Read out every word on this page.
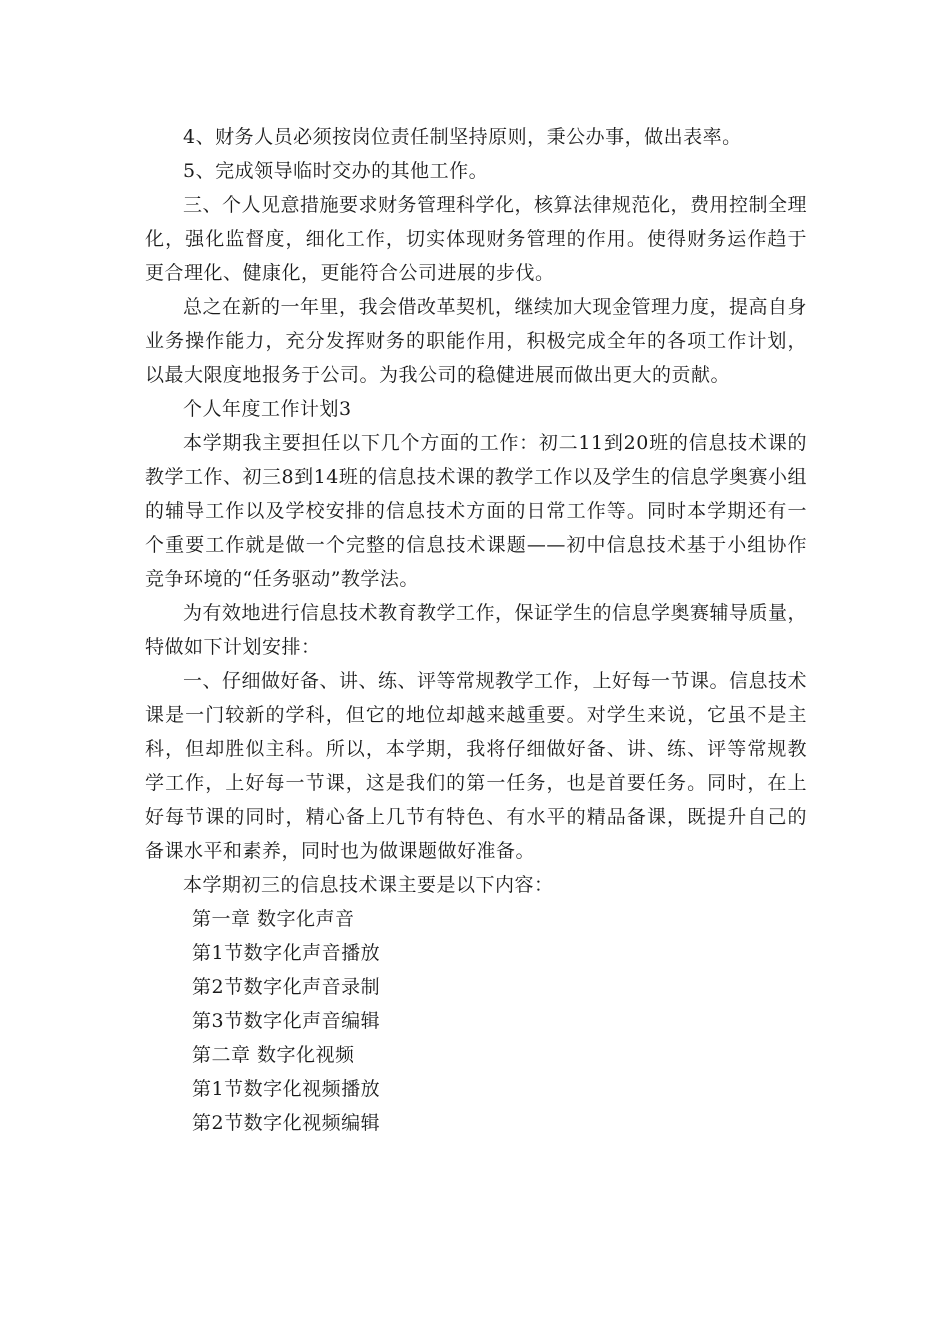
4、财务人员必须按岗位责任制坚持原则，秉公办事，做出表率。

5、完成领导临时交办的其他工作。

三、个人见意措施要求财务管理科学化，核算法律规范化，费用控制全理化，强化监督度，细化工作，切实体现财务管理的作用。使得财务运作趋于更合理化、健康化，更能符合公司进展的步伐。

总之在新的一年里，我会借改革契机，继续加大现金管理力度，提高自身业务操作能力，充分发挥财务的职能作用，积极完成全年的各项工作计划，以最大限度地报务于公司。为我公司的稳健进展而做出更大的贡献。

个人年度工作计划3

本学期我主要担任以下几个方面的工作：初二11到20班的信息技术课的教学工作、初三8到14班的信息技术课的教学工作以及学生的信息学奥赛小组的辅导工作以及学校安排的信息技术方面的日常工作等。同时本学期还有一个重要工作就是做一个完整的信息技术课题——初中信息技术基于小组协作竞争环境的“任务驱动”教学法。

为有效地进行信息技术教育教学工作，保证学生的信息学奥赛辅导质量，特做如下计划安排：

一、仔细做好备、讲、练、评等常规教学工作，上好每一节课。信息技术课是一门较新的学科，但它的地位却越来越重要。对学生来说，它虽不是主科，但却胜似主科。所以，本学期，我将仔细做好备、讲、练、评等常规教学工作，上好每一节课，这是我们的第一任务，也是首要任务。同时，在上好每节课的同时，精心备上几节有特色、有水平的精品备课，既提升自己的备课水平和素养，同时也为做课题做好准备。

本学期初三的信息技术课主要是以下内容：

第一章 数字化声音

第1节数字化声音播放

第2节数字化声音录制

第3节数字化声音编辑

第二章 数字化视频

第1节数字化视频播放

第2节数字化视频编辑
